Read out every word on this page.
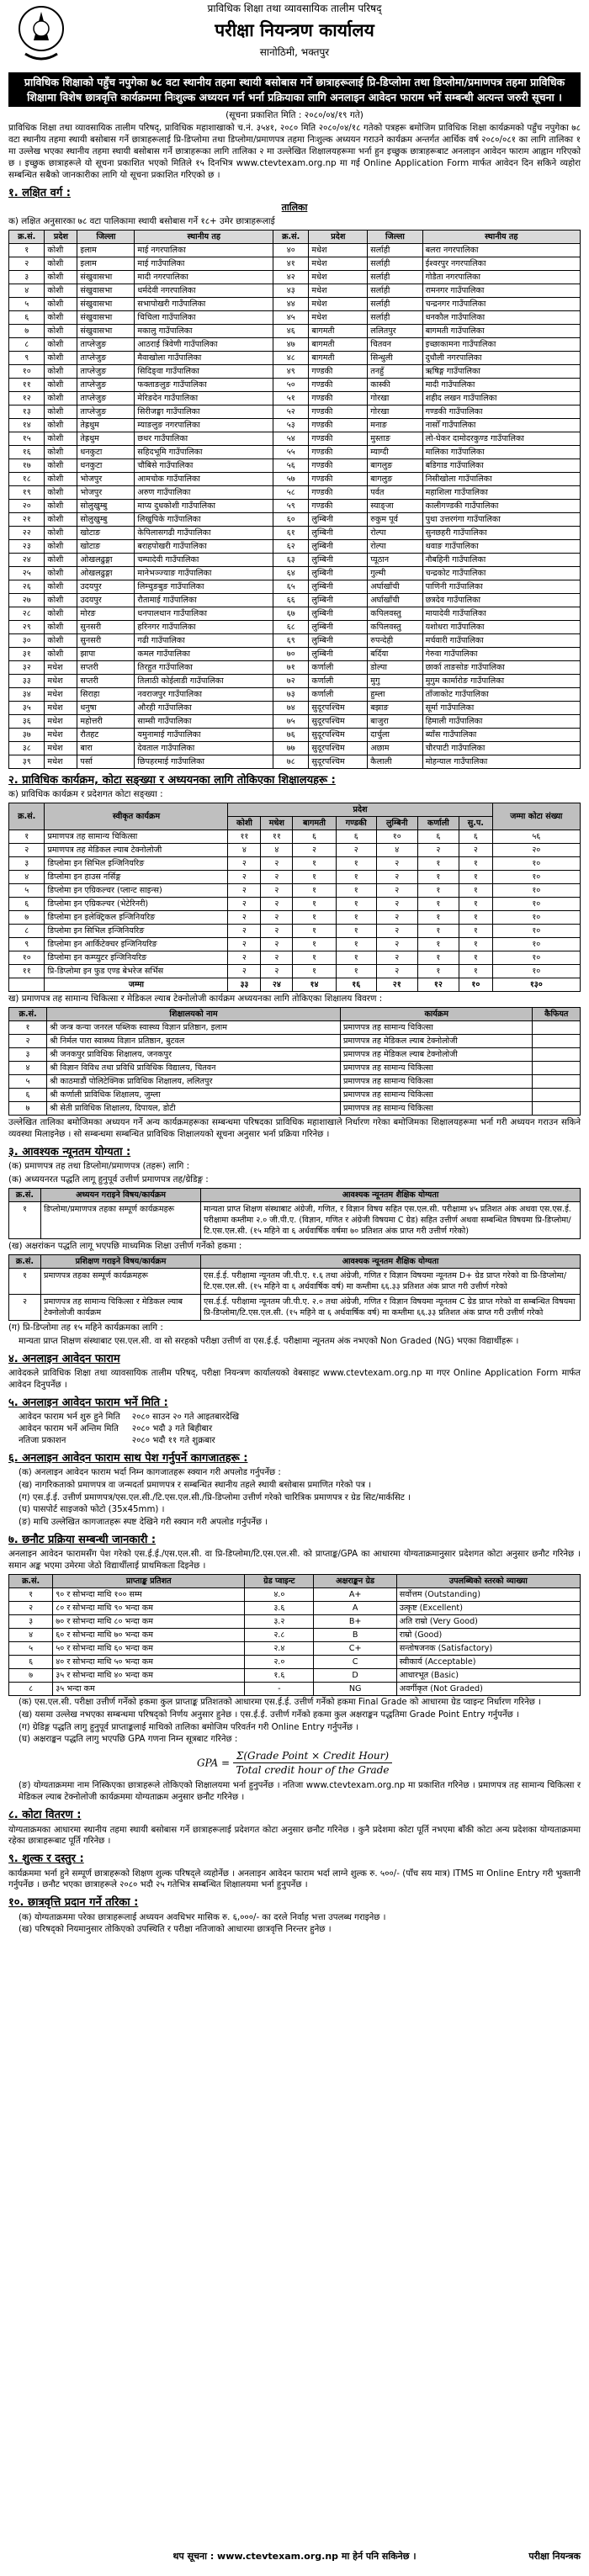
प्राविधिक शिक्षा तथा व्यावसायिक तालीम परिषद्
परीक्षा नियन्त्रण कार्यालय
सानोठिमी, भक्तपुर
प्राविधिक शिक्षाको पहुँच नपुगेका ७८ वटा स्थानीय तहमा स्थायी बसोबास गर्ने छात्राहरूलाई प्रि-डिप्लोमा तथा डिप्लोमा/प्रमाणपत्र तहमा प्राविधिक शिक्षामा विशेष छात्रवृत्ति कार्यक्रममा निःशुल्क अध्ययन गर्न भर्ना प्रक्रियाका लागि अनलाइन आवेदन फाराम भर्ने सम्बन्धी अत्यन्त जरुरी सूचना ।
(सूचना प्रकाशित मिति : २०८०/०४/१९ गते)
प्राविधिक शिक्षा तथा व्यावसायिक तालीम परिषद्, प्राविधिक महाशाखाको च.नं. ३५४१, २०८० मिति २०८०/०४/१८ गतेको पत्रहरू बमोजिम प्राविधिक शिक्षा कार्यक्रमको पहुँच नपुगेका ७८ वटा स्थानीय तहमा स्थायी बसोबास गर्ने छात्राहरूलाई प्रि-डिप्लोमा तथा डिप्लोमा/प्रमाणपत्र तहमा निःशुल्क अध्ययन गराउने कार्यक्रम अन्तर्गत आर्थिक वर्ष २०८०/०८१ का लागि तालिका १ मा उल्लेख भएका स्थानीय तहमा स्थायी बसोबास गर्ने छात्राहरूका लागि तालिका २ मा उल्लेखित शिक्षालयहरूमा भर्ना हुन इच्छुक छात्राहरूबाट अनलाइन आवेदन फाराम आह्वान गरिएको छ । इच्छुक छात्राहरूले यो सूचना प्रकाशित भएको मितिले १५ दिनभित्र www.ctevtexam.org.np मा गई Online Application Form मार्फत आवेदन दिन सकिने व्यहोरा सम्बन्धित सबैको जानकारीका लागि यो सूचना प्रकाशित गरिएको छ ।
१. लक्षित वर्ग :
तालिका
क) लक्षित अनुसारका ७८ वटा पालिकामा स्थायी बसोबास गर्ने १८+ उमेर छात्राहरूलाई
क्र.सं.	प्रदेश	जिल्ला	स्थानीय तह	क्र.सं.	प्रदेश	जिल्ला	स्थानीय तह
१	कोशी	इलाम	माई नगरपालिका	४०	मधेश	सर्लाही	बलरा नगरपालिका
२	कोशी	इलाम	माई गाउँपालिका	४१	मधेश	सर्लाही	ईश्वरपुर नगरपालिका
३	कोशी	संखुवासभा	मादी नगरपालिका	४२	मधेश	सर्लाही	गोडैता नगरपालिका
४	कोशी	संखुवासभा	धर्मदेवी नगरपालिका	४३	मधेश	सर्लाही	रामनगर गाउँपालिका
५	कोशी	संखुवासभा	सभापोखरी गाउँपालिका	४४	मधेश	सर्लाही	चन्द्रनगर गाउँपालिका
६	कोशी	संखुवासभा	चिचिला गाउँपालिका	४५	मधेश	सर्लाही	धनकौल गाउँपालिका
७	कोशी	संखुवासभा	मकालु गाउँपालिका	४६	बागमती	ललितपुर	बागमती गाउँपालिका
८	कोशी	ताप्लेजुङ	आठराई त्रिवेणी गाउँपालिका	४७	बागमती	चितवन	इच्छाकामना गाउँपालिका
९	कोशी	ताप्लेजुङ	मैवाखोला गाउँपालिका	४८	बागमती	सिन्धुली	दुधौली नगरपालिका
१०	कोशी	ताप्लेजुङ	सिदिङ्वा गाउँपालिका	४९	गण्डकी	तनहुँ	ऋषिङ्ग गाउँपालिका
११	कोशी	ताप्लेजुङ	फक्ताङलुङ गाउँपालिका	५०	गण्डकी	कास्की	मादी गाउँपालिका
१२	कोशी	ताप्लेजुङ	मेरिङदेन गाउँपालिका	५१	गण्डकी	गोरखा	शहीद लखन गाउँपालिका
१३	कोशी	ताप्लेजुङ	सिरीजङ्घा गाउँपालिका	५२	गण्डकी	गोरखा	गण्डकी गाउँपालिका
१४	कोशी	तेह्रथुम	म्याङलुङ नगरपालिका	५३	गण्डकी	मनाङ	नासोँ गाउँपालिका
१५	कोशी	तेह्रथुम	छथर गाउँपालिका	५४	गण्डकी	मुस्ताङ	लो-घेकर दामोदरकुण्ड गाउँपालिका
१६	कोशी	धनकुटा	सहिदभूमि गाउँपालिका	५५	गण्डकी	म्याग्दी	मालिका गाउँपालिका
१७	कोशी	धनकुटा	चौबिसे गाउँपालिका	५६	गण्डकी	बागलुङ	बडिगाड गाउँपालिका
१८	कोशी	भोजपुर	आमचोक गाउँपालिका	५७	गण्डकी	बागलुङ	निसीखोला गाउँपालिका
१९	कोशी	भोजपुर	अरुण गाउँपालिका	५८	गण्डकी	पर्वत	महाशिला गाउँपालिका
२०	कोशी	सोलुखुम्बु	माप्य दुधकोशी गाउँपालिका	५९	गण्डकी	स्याङ्जा	कालीगण्डकी गाउँपालिका
२१	कोशी	सोलुखुम्बु	लिखुपिके गाउँपालिका	६०	लुम्बिनी	रुकुम पूर्व	पुथा उत्तरगंगा गाउँपालिका
२२	कोशी	खोटाङ	केपिलासगढी गाउँपालिका	६१	लुम्बिनी	रोल्पा	सुनछहरी गाउँपालिका
२३	कोशी	खोटाङ	बराहपोखरी गाउँपालिका	६२	लुम्बिनी	रोल्पा	थवाङ गाउँपालिका
२४	कोशी	ओखलढुङ्गा	चम्पादेवी गाउँपालिका	६३	लुम्बिनी	प्यूठान	नौबहिनी गाउँपालिका
२५	कोशी	ओखलढुङ्गा	मानेभञ्ज्याङ गाउँपालिका	६४	लुम्बिनी	गुल्मी	चन्द्रकोट गाउँपालिका
२६	कोशी	उदयपुर	लिम्चुङबुङ गाउँपालिका	६५	लुम्बिनी	अर्घाखाँची	पाणिनी गाउँपालिका
२७	कोशी	उदयपुर	रौतामाई गाउँपालिका	६६	लुम्बिनी	अर्घाखाँची	छत्रदेव गाउँपालिका
२८	कोशी	मोरङ	धनपालथान गाउँपालिका	६७	लुम्बिनी	कपिलवस्तु	मायादेवी गाउँपालिका
२९	कोशी	सुनसरी	हरिनगर गाउँपालिका	६८	लुम्बिनी	कपिलवस्तु	यशोधरा गाउँपालिका
३०	कोशी	सुनसरी	गढी गाउँपालिका	६९	लुम्बिनी	रुपन्देही	मर्चवारी गाउँपालिका
३१	कोशी	झापा	कमल गाउँपालिका	७०	लुम्बिनी	बर्दिया	गेरुवा गाउँपालिका
३२	मधेश	सप्तरी	तिरहुत गाउँपालिका	७१	कर्णाली	डोल्पा	छार्का ताङसोङ गाउँपालिका
३३	मधेश	सप्तरी	तिलाठी कोईलाडी गाउँपालिका	७२	कर्णाली	मुगु	मुगुम कार्मारोङ गाउँपालिका
३४	मधेश	सिराहा	नवराजपुर गाउँपालिका	७३	कर्णाली	हुम्ला	ताँजाकोट गाउँपालिका
३५	मधेश	धनुषा	औरही गाउँपालिका	७४	सुदूरपश्चिम	बझाङ	सूर्मा गाउँपालिका
३६	मधेश	महोत्तरी	साम्सी गाउँपालिका	७५	सुदूरपश्चिम	बाजुरा	हिमाली गाउँपालिका
३७	मधेश	रौतहट	यमुनामाई गाउँपालिका	७६	सुदूरपश्चिम	दार्चुला	ब्याँस गाउँपालिका
३८	मधेश	बारा	देवताल गाउँपालिका	७७	सुदूरपश्चिम	अछाम	चौरपाटी गाउँपालिका
३९	मधेश	पर्सा	छिपहरमाई गाउँपालिका	७८	सुदूरपश्चिम	कैलाली	मोहन्याल गाउँपालिका
२. प्राविधिक कार्यक्रम, कोटा सङ्ख्या र अध्ययनका लागि तोकिएका शिक्षालयहरू :
क) प्राविधिक कार्यक्रम र प्रदेशगत कोटा सङ्ख्या :
क्र.सं.	स्वीकृत कार्यक्रम	प्रदेश							जम्मा कोटा संख्या
		कोशी	मधेश	बागमती	गण्डकी	लुम्बिनी	कर्णाली	सु.प.	
१	प्रमाणपत्र तह सामान्य चिकित्सा	११	११	६	६	१०	६	६	५६
२	प्रमाणपत्र तह मेडिकल ल्याब टेक्नोलोजी	४	४	२	२	४	२	२	२०
३	डिप्लोमा इन सिभिल इन्जिनियरिङ	२	२	१	१	२	१	१	१०
४	डिप्लोमा इन हाउस नर्सिङ्ग	२	२	१	१	२	१	१	१०
५	डिप्लोमा इन एग्रिकल्चर (प्लान्ट साइन्स)	२	२	१	१	२	१	१	१०
६	डिप्लोमा इन एग्रिकल्चर (भेटेरिनरी)	२	२	१	१	२	१	१	१०
७	डिप्लोमा इन इलेक्ट्रिकल इन्जिनियरिङ	२	२	१	१	२	१	१	१०
८	डिप्लोमा इन सिभिल इन्जिनियरिङ	२	२	१	१	२	१	१	१०
९	डिप्लोमा इन आर्किटेक्चर इन्जिनियरिङ	२	२	१	१	२	१	१	१०
१०	डिप्लोमा इन कम्प्युटर इन्जिनियरिङ	२	२	१	१	२	१	१	१०
११	प्रि-डिप्लोमा इन फुड एण्ड बेभरेज सर्भिस	२	२	१	१	२	१	१	१०
	जम्मा	३३	२४	१४	१६	२१	१२	१०	१३०
ख) प्रमाणपत्र तह सामान्य चिकित्सा र मेडिकल ल्याब टेक्नोलोजी कार्यक्रम अध्ययनका लागि तोकिएका शिक्षालय विवरण :
क्र.सं.	शिक्षालयको नाम	कार्यक्रम	कैफियत
१	श्री जन्त्र कन्या जनरल पब्लिक स्वास्थ्य विज्ञान प्रतिष्ठान, इलाम	प्रमाणपत्र तह सामान्य चिकित्सा	
२	श्री निर्मल पारा स्वास्थ्य विज्ञान प्रतिष्ठान, बुटवल	प्रमाणपत्र तह मेडिकल ल्याब टेक्नोलोजी	
३	श्री जनकपुर प्राविधिक शिक्षालय, जनकपुर	प्रमाणपत्र तह मेडिकल ल्याब टेक्नोलोजी	
४	श्री विज्ञान विविध तथा प्रविधि प्राविधिक विद्यालय, चितवन	प्रमाणपत्र तह सामान्य चिकित्सा	
५	श्री काठमाडौं पोलिटेक्निक प्राविधिक शिक्षालय, ललितपुर	प्रमाणपत्र तह सामान्य चिकित्सा	
६	श्री कर्णाली प्राविधिक शिक्षालय, जुम्ला	प्रमाणपत्र तह सामान्य चिकित्सा	
७	श्री सेती प्राविधिक शिक्षालय, दिपायल, डोटी	प्रमाणपत्र तह सामान्य चिकित्सा	
उल्लेखित तालिका बमोजिमका अध्ययन गर्ने अन्य कार्यक्रमहरूका सम्बन्धमा परिषदका प्राविधिक महाशाखाले निर्धारण गरेका बमोजिमका शिक्षालयहरूमा भर्ना गरी अध्ययन गराउन सकिने व्यवस्था मिलाइनेछ । सो सम्बन्धमा सम्बन्धित प्राविधिक शिक्षालयको सूचना अनुसार भर्ना प्रक्रिया गरिनेछ ।
३. आवश्यक न्यूनतम योग्यता :
(क) प्रमाणपत्र तह तथा डिप्लोमा/प्रमाणपत्र (तहरू) लागि :
(क) अध्ययनरत पद्धति लागू हुनुपूर्व उत्तीर्ण प्रमाणपत्र तह/ग्रेडिङ्ग :
क्र.सं.	अध्ययन गराइने विषय/कार्यक्रम	आवश्यक न्यूनतम शैक्षिक योग्यता
१	डिप्लोमा/प्रमाणपत्र तहका सम्पूर्ण कार्यक्रमहरू	मान्यता प्राप्त शिक्षण संस्थाबाट अंग्रेजी, गणित, र विज्ञान विषय सहित एस.एल.सी. परीक्षामा ४५ प्रतिशत अंक अथवा एस.एस.ई. परीक्षामा कम्तीमा २.० जी.पी.ए. (विज्ञान, गणित र अंग्रेजी विषयमा C ग्रेड) सहित उत्तीर्ण अथवा सम्बन्धित विषयमा प्रि-डिप्लोमा/टि.एस.एल.सी. (१५ महिने वा ६ अर्धवार्षिक वर्षमा ७० प्रतिशत अंक प्राप्त गरी उत्तीर्ण गरेको)
(ख) अक्षरांकन पद्धति लागू भएपछि माध्यमिक शिक्षा उत्तीर्ण गर्नेको हकमा :
क्र.सं.	प्रशिक्षण गराइने विषय/कार्यक्रम	आवश्यक न्यूनतम शैक्षिक योग्यता
१	प्रमाणपत्र तहका सम्पूर्ण कार्यक्रमहरू	एस.ई.ई. परीक्षामा न्यूनतम जी.पी.ए. १.६ तथा अंग्रेजी, गणित र विज्ञान विषयमा न्यूनतम D+ ग्रेड प्राप्त गरेको वा प्रि-डिप्लोमा/टि.एस.एल.सी. (१५ महिने वा ६ अर्धवार्षिक वर्ष) मा कम्तीमा ६६.३३ प्रतिशत अंक प्राप्त गरी उत्तीर्ण गरेको
२	प्रमाणपत्र तह सामान्य चिकित्सा र मेडिकल ल्याब टेक्नोलोजी कार्यक्रम	एस.ई.ई. परीक्षामा न्यूनतम जी.पी.ए. २.० तथा अंग्रेजी, गणित र विज्ञान विषयमा न्यूनतम C ग्रेड प्राप्त गरेको वा सम्बन्धित विषयमा प्रि-डिप्लोमा/टि.एस.एल.सी. (१५ महिने वा ६ अर्धवार्षिक वर्ष) मा कम्तीमा ६६.३३ प्रतिशत अंक प्राप्त गरी उत्तीर्ण गरेको
(ग) प्रि-डिप्लोमा तह १५ महिने कार्यक्रमका लागि :
मान्यता प्राप्त शिक्षण संस्थाबाट एस.एल.सी. वा सो सरहको परीक्षा उत्तीर्ण वा एस.ई.ई. परीक्षामा न्यूनतम अंक नभएको Non Graded (NG) भएका विद्यार्थीहरू ।
४. अनलाइन आवेदन फाराम
आवेदकले प्राविधिक शिक्षा तथा व्यावसायिक तालीम परिषद्, परीक्षा नियन्त्रण कार्यालयको वेबसाइट www.ctevtexam.org.np मा गएर Online Application Form मार्फत आवेदन दिनुपर्नेछ ।
५. अनलाइन आवेदन फाराम भर्ने मिति :
आवेदन फाराम भर्न शुरु हुने मिति	२०८० साउन २० गते आइतबारदेखि
आवेदन फाराम भर्ने अन्तिम मिति	२०८० भदौ ३ गते बिहीबार
नतिजा प्रकाशन	२०८० भदौ ११ गते शुक्रबार
६. अनलाइन आवेदन फाराम साथ पेश गर्नुपर्ने कागजातहरू :
(क) अनलाइन आवेदन फाराम भर्दा निम्न कागजातहरू स्क्यान गरी अपलोड गर्नुपर्नेछ :
(ख) नागरिकताको प्रमाणपत्र वा जन्मदर्ता प्रमाणपत्र र सम्बन्धित स्थानीय तहले स्थायी बसोबास प्रमाणित गरेको पत्र ।
(ग) एस.ई.ई. उत्तीर्ण प्रमाणपत्र/एस.एल.सी./टि.एस.एल.सी./प्रि-डिप्लोमा उत्तीर्ण गरेको चारित्रिक प्रमाणपत्र र ग्रेड सिट/मार्कसिट ।
(घ) पासपोर्ट साइजको फोटो (35x45mm) ।
(ङ) माथि उल्लेखित कागजातहरू स्पष्ट देखिने गरी स्क्यान गरी अपलोड गर्नुपर्नेछ ।
७. छनौट प्रक्रिया सम्बन्धी जानकारी :
अनलाइन आवेदन फारामसँग पेश गरेको एस.ई.ई./एस.एल.सी. वा प्रि-डिप्लोमा/टि.एस.एल.सी. को प्राप्ताङ्क/GPA का आधारमा योग्यताक्रमानुसार प्रदेशगत कोटा अनुसार छनौट गरिनेछ । समान अङ्क भएमा उमेरमा जेठो विद्यार्थीलाई प्राथमिकता दिइनेछ ।
क्र.सं.	प्राप्ताङ्क प्रतिशत	ग्रेड प्वाइन्ट	अक्षराङ्कन ग्रेड	उपलब्धिको स्तरको व्याख्या
१	९० र सोभन्दा माथि १०० सम्म	४.०	A+	सर्वोत्तम (Outstanding)
२	८० र सोभन्दा माथि ९० भन्दा कम	३.६	A	उत्कृष्ट (Excellent)
३	७० र सोभन्दा माथि ८० भन्दा कम	३.२	B+	अति राम्रो (Very Good)
४	६० र सोभन्दा माथि ७० भन्दा कम	२.८	B	राम्रो (Good)
५	५० र सोभन्दा माथि ६० भन्दा कम	२.४	C+	सन्तोषजनक (Satisfactory)
६	४० र सोभन्दा माथि ५० भन्दा कम	२.०	C	स्वीकार्य (Acceptable)
७	३५ र सोभन्दा माथि ४० भन्दा कम	१.६	D	आधारभूत (Basic)
८	३५ भन्दा कम	-	NG	अवर्गीकृत (Not Graded)
(क) एस.एल.सी. परीक्षा उत्तीर्ण गर्नेको हकमा कुल प्राप्ताङ्क प्रतिशतको आधारमा एस.ई.ई. उत्तीर्ण गर्नेको हकमा Final Grade को आधारमा ग्रेड प्वाइन्ट निर्धारण गरिनेछ ।
(ख) यसमा उल्लेख नभएका सम्बन्धमा परिषद्को निर्णय अनुसार हुनेछ । एस.ई.ई. उत्तीर्ण गर्नेको हकमा कुल अक्षराङ्कन पद्धतिमा Grade Point Entry गर्नुपर्नेछ ।
(ग) ग्रेडिङ्ग पद्धति लागु हुनुपूर्व प्राप्ताङ्कलाई माथिको तालिका बमोजिम परिवर्तन गरी Online Entry गर्नुपर्नेछ ।
(घ) अक्षराङ्कन पद्धति लागु भएपछि GPA गणना निम्न सूत्रबाट गरिनेछ :
GPA = $\frac{\text{Σ(Grade Point × Credit Hour)}}{\text{Total credit hour of the Grade}}$
(ङ) योग्यताक्रममा नाम निस्किएका छात्राहरूले तोकिएको शिक्षालयमा भर्ना हुनुपर्नेछ । नतिजा www.ctevtexam.org.np मा प्रकाशित गरिनेछ । प्रमाणपत्र तह सामान्य चिकित्सा र मेडिकल ल्याब टेक्नोलोजी कार्यक्रममा योग्यताक्रम अनुसार छनौट गरिनेछ ।
८. कोटा वितरण :
योग्यताक्रमका आधारमा स्थानीय तहमा स्थायी बसोबास गर्ने छात्राहरूलाई प्रदेशगत कोटा अनुसार छनौट गरिनेछ । कुनै प्रदेशमा कोटा पूर्ति नभएमा बाँकी कोटा अन्य प्रदेशका योग्यताक्रममा रहेका छात्राहरूबाट पूर्ति गरिनेछ ।
९. शुल्क र दस्तुर :
कार्यक्रममा भर्ना हुने सम्पूर्ण छात्राहरूको शिक्षण शुल्क परिषद्ले व्यहोर्नेछ । अनलाइन आवेदन फाराम भर्दा लाग्ने शुल्क रु. ५००/- (पाँच सय मात्र) ITMS मा Online Entry गरी भुक्तानी गर्नुपर्नेछ । छनौट भएका छात्राहरूले २०८० भदौ २५ गतेभित्र सम्बन्धित शिक्षालयमा भर्ना हुनुपर्नेछ ।
१०. छात्रवृत्ति प्रदान गर्ने तरिका :
(क) योग्यताक्रममा परेका छात्राहरूलाई अध्ययन अवधिभर मासिक रु. ६,०००/- का दरले निर्वाह भत्ता उपलब्ध गराइनेछ ।
(ख) परिषद्को नियमानुसार तोकिएको उपस्थिति र परीक्षा नतिजाको आधारमा छात्रवृत्ति निरन्तर हुनेछ ।
थप सूचना : www.ctevtexam.org.np मा हेर्न पनि सकिनेछ ।	परीक्षा नियन्त्रक
